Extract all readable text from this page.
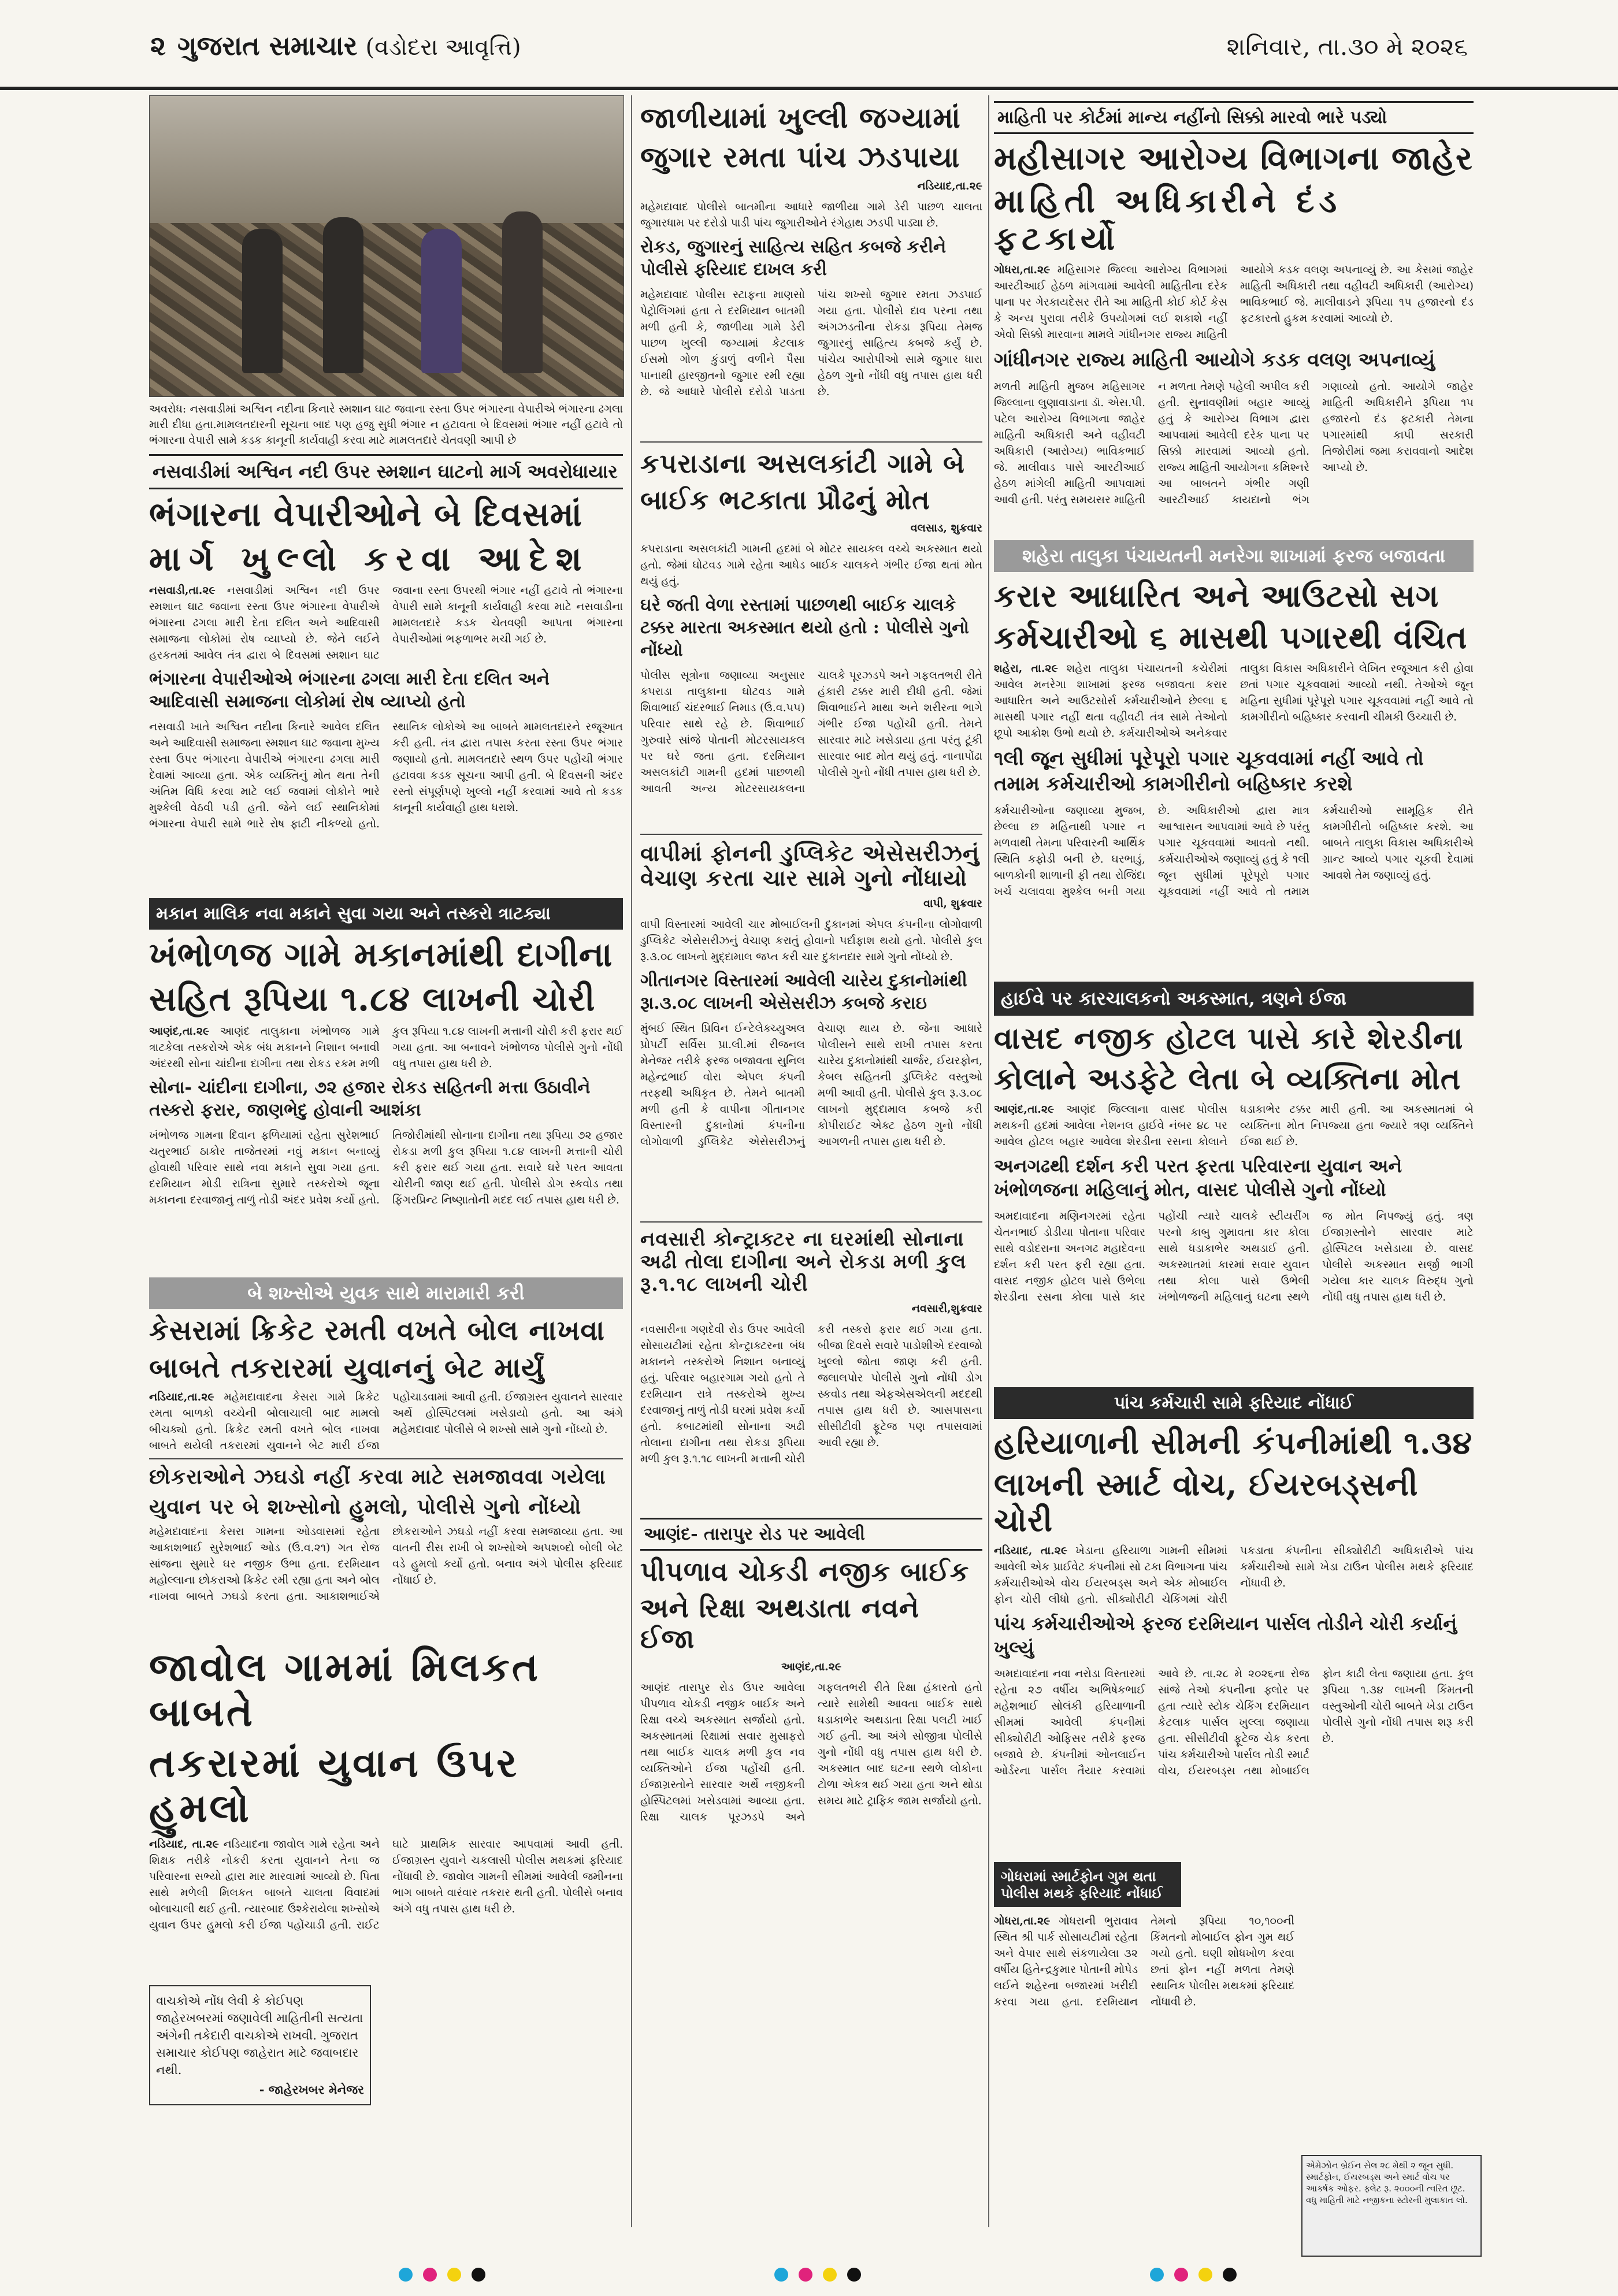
૨ ગુજરાત સમાચાર (વડોદરા આવૃત્તિ)	શનિવાર, તા.૩૦ મે ૨૦૨૬
અવરોધ: નસવાડીમાં અશ્વિન નદીના કિનારે સ્મશાન ઘાટ જવાના રસ્તા ઉપર ભંગારના વેપારીએ ભંગારના ઢગલા મારી દીધા હતા.મામલતદારની સૂચના બાદ પણ હજુ સુધી ભંગાર ન હટાવતા બે દિવસમાં ભંગાર નહીં હટાવે તો ભંગારના વેપારી સામે કડક કાનૂની કાર્યવાહી કરવા માટે મામલતદારે ચેતવણી આપી છે
નસવાડીમાં અશ્વિન નદી ઉપર સ્મશાન ઘાટનો માર્ગ અવરોધાયાર
ભંગારના વેપારીઓને બે દિવસમાં
માર્ગ ખુલ્લો કરવા આદેશ
નસવાડી,તા.૨૯ નસવાડીમાં અશ્વિન નદી ઉપર સ્મશાન ઘાટ જવાના રસ્તા ઉપર ભંગારના વેપારીએ ભંગારના ઢગલા મારી દેતા દલિત અને આદિવાસી સમાજના લોકોમાં રોષ વ્યાપ્યો છે. જેને લઈને હરકતમાં આવેલ તંત્ર દ્વારા બે દિવસમાં સ્મશાન ઘાટ જવાના રસ્તા ઉપરથી ભંગાર નહીં હટાવે તો ભંગારના વેપારી સામે કાનૂની કાર્યવાહી કરવા માટે નસવાડીના મામલતદારે કડક ચેતવણી આપતા ભંગારના વેપારીઓમાં ભફળાભર મચી ગઈ છે.
ભંગારના વેપારીઓએ ભંગારના ઢગલા મારી દેતા દલિત અને આદિવાસી સમાજના લોકોમાં રોષ વ્યાપ્યો હતો
નસવાડી ખાતે અશ્વિન નદીના કિનારે આવેલ દલિત અને આદિવાસી સમાજના સ્મશાન ઘાટ જવાના મુખ્ય રસ્તા ઉપર ભંગારના વેપારીએ ભંગારના ઢગલા મારી દેવામાં આવ્યા હતા. એક વ્યક્તિનું મોત થતા તેની અંતિમ વિધિ કરવા માટે લઈ જવામાં લોકોને ભારે મુશ્કેલી વેઠવી પડી હતી. જેને લઈ સ્થાનિકોમાં ભંગારના વેપારી સામે ભારે રોષ ફાટી નીકળ્યો હતો. સ્થાનિક લોકોએ આ બાબતે મામલતદારને રજૂઆત કરી હતી. તંત્ર દ્વારા તપાસ કરતા રસ્તા ઉપર ભંગાર જણાયો હતો. મામલતદારે સ્થળ ઉપર પહોંચી ભંગાર હટાવવા કડક સૂચના આપી હતી. બે દિવસની અંદર રસ્તો સંપૂર્ણપણે ખુલ્લો નહીં કરવામાં આવે તો કડક કાનૂની કાર્યવાહી હાથ ધરાશે.
મકાન માલિક નવા મકાને સુવા ગયા અને તસ્કરો ત્રાટક્યા
ખંભોળજ ગામે મકાનમાંથી દાગીના
સહિત રૂપિયા ૧.૮૪ લાખની ચોરી
આણંદ,તા.૨૯ આણંદ તાલુકાના ખંભોળજ ગામે ત્રાટકેલા તસ્કરોએ એક બંધ મકાનને નિશાન બનાવી અંદરથી સોના ચાંદીના દાગીના તથા રોકડ રકમ મળી કુલ રૂપિયા ૧.૮૪ લાખની મત્તાની ચોરી કરી ફરાર થઈ ગયા હતા. આ બનાવને ખંભોળજ પોલીસે ગુનો નોંધી વધુ તપાસ હાથ ધરી છે.
સોના- ચાંદીના દાગીના, ૭૨ હજાર રોકડ સહિતની મત્તા ઉઠાવીને તસ્કરો ફરાર, જાણભેદુ હોવાની આશંકા
ખંભોળજ ગામના દિવાન ફળિયામાં રહેતા સુરેશભાઈ ચતુરભાઈ ઠાકોર તાજેતરમાં નવું મકાન બનાવ્યું હોવાથી પરિવાર સાથે નવા મકાને સુવા ગયા હતા. દરમિયાન મોડી રાત્રિના સુમારે તસ્કરોએ જૂના મકાનના દરવાજાનું તાળું તોડી અંદર પ્રવેશ કર્યો હતો. તિજોરીમાંથી સોનાના દાગીના તથા રૂપિયા ૭૨ હજાર રોકડા મળી કુલ રૂપિયા ૧.૮૪ લાખની મત્તાની ચોરી કરી ફરાર થઈ ગયા હતા. સવારે ઘરે પરત આવતા ચોરીની જાણ થઈ હતી. પોલીસે ડોગ સ્કવોડ તથા ફિંગરપ્રિન્ટ નિષ્ણાતોની મદદ લઈ તપાસ હાથ ધરી છે.
બે શખ્સોએ યુવક સાથે મારામારી કરી
કેસરામાં ક્રિકેટ રમતી વખતે બોલ નાખવા
બાબતે તકરારમાં યુવાનનું બેટ માર્યું
નડિયાદ,તા.૨૯ મહેમદાવાદના કેસરા ગામે ક્રિકેટ રમતા બાળકો વચ્ચેની બોલાચાલી બાદ મામલો બીચક્યો હતો. ક્રિકેટ રમતી વખતે બોલ નાખવા બાબતે થયેલી તકરારમાં યુવાનને બેટ મારી ઈજા પહોંચાડવામાં આવી હતી. ઈજાગ્રસ્ત યુવાનને સારવાર અર્થે હોસ્પિટલમાં ખસેડાયો હતો. આ અંગે મહેમદાવાદ પોલીસે બે શખ્સો સામે ગુનો નોંધ્યો છે.
છોકરાઓને ઝઘડો નહીં કરવા માટે સમજાવવા ગયેલા
યુવાન પર બે શખ્સોનો હુમલો, પોલીસે ગુનો નોંધ્યો
મહેમદાવાદના કેસરા ગામના ઓડવાસમાં રહેતા આકાશભાઈ સુરેશભાઈ ઓડ (ઉ.વ.૨૧) ગત રોજ સાંજના સુમારે ઘર નજીક ઉભા હતા. દરમિયાન મહોલ્લાના છોકરાઓ ક્રિકેટ રમી રહ્યા હતા અને બોલ નાખવા બાબતે ઝઘડો કરતા હતા. આકાશભાઈએ છોકરાઓને ઝઘડો નહીં કરવા સમજાવ્યા હતા. આ વાતની રીસ રાખી બે શખ્સોએ અપશબ્દો બોલી બેટ વડે હુમલો કર્યો હતો. બનાવ અંગે પોલીસ ફરિયાદ નોંધાઈ છે.
જાવોલ ગામમાં મિલકત બાબતે
તકરારમાં યુવાન ઉપર હુમલો
નડિયાદ, તા.૨૯ નડિયાદના જાવોલ ગામે રહેતા અને શિક્ષક તરીકે નોકરી કરતા યુવાનને તેના જ પરિવારના સભ્યો દ્વારા માર મારવામાં આવ્યો છે. પિતા સાથે મળેલી મિલકત બાબતે ચાલતા વિવાદમાં બોલાચાલી થઈ હતી. ત્યારબાદ ઉશ્કેરાયેલા શખ્સોએ યુવાન ઉપર હુમલો કરી ઈજા પહોંચાડી હતી. રાઈટ ઘાટે પ્રાથમિક સારવાર આપવામાં આવી હતી. ઈજાગ્રસ્ત યુવાને ચકલાસી પોલીસ મથકમાં ફરિયાદ નોંધાવી છે. જાવોલ ગામની સીમમાં આવેલી જમીનના ભાગ બાબતે વારંવાર તકરાર થતી હતી. પોલીસે બનાવ અંગે વધુ તપાસ હાથ ધરી છે.
વાચકોએ નોંધ લેવી કે કોઈપણ જાહેરખબરમાં જણાવેલી માહિતીની સત્યતા અંગેની તકેદારી વાચકોએ રાખવી. ગુજરાત સમાચાર કોઈપણ જાહેરાત માટે જવાબદાર નથી.
- જાહેરખબર મેનેજર
જાળીયામાં ખુલ્લી જગ્યામાં
જુગાર રમતા પાંચ ઝડપાયા
નડિયાદ,તા.૨૯
મહેમદાવાદ પોલીસે બાતમીના આધારે જાળીયા ગામે ડેરી પાછળ ચાલતા જુગારધામ પર દરોડો પાડી પાંચ જુગારીઓને રંગેહાથ ઝડપી પાડ્યા છે.
રોકડ, જુગારનું સાહિત્ય સહિત કબજે કરીને પોલીસે ફરિયાદ દાખલ કરી
મહેમદાવાદ પોલીસ સ્ટાફના માણસો પેટ્રોલિંગમાં હતા તે દરમિયાન બાતમી મળી હતી કે, જાળીયા ગામે ડેરી પાછળ ખુલ્લી જગ્યામાં કેટલાક ઈસમો ગોળ કુંડાળું વળીને પૈસા પાનાથી હારજીતનો જુગાર રમી રહ્યા છે. જે આધારે પોલીસે દરોડો પાડતા પાંચ શખ્સો જુગાર રમતા ઝડપાઈ ગયા હતા. પોલીસે દાવ પરના તથા અંગઝડતીના રોકડા રૂપિયા તેમજ જુગારનું સાહિત્ય કબજે કર્યું છે. પાંચેય આરોપીઓ સામે જુગાર ધારા હેઠળ ગુનો નોંધી વધુ તપાસ હાથ ધરી છે.
કપરાડાના અસલકાંટી ગામે બે
બાઈક ભટકાતા પ્રૌઢનું મોત
વલસાડ, શુક્રવાર
કપરાડાના અસલકાંટી ગામની હદમાં બે મોટર સાયકલ વચ્ચે અકસ્માત થયો હતો. જેમાં ઘોટવડ ગામે રહેતા આધેડ બાઈક ચાલકને ગંભીર ઈજા થતાં મોત થયું હતું.
ઘરે જતી વેળા રસ્તામાં પાછળથી બાઈક ચાલકે ટક્કર મારતા અકસ્માત થયો હતો : પોલીસે ગુનો નોંધ્યો
પોલીસ સૂત્રોના જણાવ્યા અનુસાર કપરાડા તાલુકાના ઘોટવડ ગામે શિવાભાઈ ચંદરભાઈ નિમાડ (ઉ.વ.૫૫) પરિવાર સાથે રહે છે. શિવાભાઈ ગુરુવારે સાંજે પોતાની મોટરસાયકલ પર ઘરે જતા હતા. દરમિયાન અસલકાંટી ગામની હદમાં પાછળથી આવતી અન્ય મોટરસાયકલના ચાલકે પૂરઝડપે અને ગફલતભરી રીતે હંકારી ટક્કર મારી દીધી હતી. જેમાં શિવાભાઈને માથા અને શરીરના ભાગે ગંભીર ઈજા પહોંચી હતી. તેમને સારવાર માટે ખસેડાયા હતા પરંતુ ટૂંકી સારવાર બાદ મોત થયું હતું. નાનાપોંઢા પોલીસે ગુનો નોંધી તપાસ હાથ ધરી છે.
વાપીમાં ફોનની ડુપ્લિકેટ એસેસરીઝનું વેચાણ કરતા ચાર સામે ગુનો નોંધાયો
વાપી, શુક્રવાર
વાપી વિસ્તારમાં આવેલી ચાર મોબાઈલની દુકાનમાં એપલ કંપનીના લોગોવાળી ડુપ્લિકેટ એસેસરીઝનું વેચાણ કરાતું હોવાનો પર્દાફાશ થયો હતો. પોલીસે કુલ રૂ.૩.૦૮ લાખનો મુદ્દામાલ જપ્ત કરી ચાર દુકાનદાર સામે ગુનો નોંધ્યો છે.
ગીતાનગર વિસ્તારમાં આવેલી ચારેય દુકાનોમાંથી રૂા.૩.૦૮ લાખની એસેસરીઝ કબજે કરાઇ
મુંબઈ સ્થિત પ્રિવિન ઈન્ટેલેક્ચ્યુઅલ પ્રોપર્ટી સર્વિસ પ્રા.લી.માં રીજનલ મેનેજર તરીકે ફરજ બજાવતા સુનિલ મહેન્દ્રભાઈ વોરા એપલ કંપની તરફથી અધિકૃત છે. તેમને બાતમી મળી હતી કે વાપીના ગીતાનગર વિસ્તારની દુકાનોમાં કંપનીના લોગોવાળી ડુપ્લિકેટ એસેસરીઝનું વેચાણ થાય છે. જેના આધારે પોલીસને સાથે રાખી તપાસ કરતા ચારેય દુકાનોમાંથી ચાર્જર, ઈયરફોન, કેબલ સહિતની ડુપ્લિકેટ વસ્તુઓ મળી આવી હતી. પોલીસે કુલ રૂ.૩.૦૮ લાખનો મુદ્દામાલ કબજે કરી કોપીરાઈટ એક્ટ હેઠળ ગુનો નોંધી આગળની તપાસ હાથ ધરી છે.
નવસારી કોન્ટ્રાક્ટર ના ઘરમાંથી સોનાના અઢી તોલા દાગીના અને રોકડા મળી કુલ રૂ.૧.૧૮ લાખની ચોરી
નવસારી,શુક્રવાર
નવસારીના ગણદેવી રોડ ઉપર આવેલી સોસાયટીમાં રહેતા કોન્ટ્રાક્ટરના બંધ મકાનને તસ્કરોએ નિશાન બનાવ્યું હતું. પરિવાર બહારગામ ગયો હતો તે દરમિયાન રાત્રે તસ્કરોએ મુખ્ય દરવાજાનું તાળું તોડી ઘરમાં પ્રવેશ કર્યો હતો. કબાટમાંથી સોનાના અઢી તોલાના દાગીના તથા રોકડા રૂપિયા મળી કુલ રૂ.૧.૧૮ લાખની મત્તાની ચોરી કરી તસ્કરો ફરાર થઈ ગયા હતા. બીજા દિવસે સવારે પાડોશીએ દરવાજો ખુલ્લો જોતા જાણ કરી હતી. જલાલપોર પોલીસે ગુનો નોંધી ડોગ સ્કવોડ તથા એફએસએલની મદદથી તપાસ હાથ ધરી છે. આસપાસના સીસીટીવી ફૂટેજ પણ તપાસવામાં આવી રહ્યા છે.
આણંદ- તારાપુર રોડ પર આવેલી
પીપળાવ ચોકડી નજીક બાઈક
અને રિક્ષા અથડાતા નવને ઈજા
આણંદ,તા.૨૯
આણંદ તારાપુર રોડ ઉપર આવેલા પીપળાવ ચોકડી નજીક બાઈક અને રિક્ષા વચ્ચે અકસ્માત સર્જાયો હતો. અકસ્માતમાં રિક્ષામાં સવાર મુસાફરો તથા બાઈક ચાલક મળી કુલ નવ વ્યક્તિઓને ઈજા પહોંચી હતી. ઈજાગ્રસ્તોને સારવાર અર્થે નજીકની હોસ્પિટલમાં ખસેડવામાં આવ્યા હતા. રિક્ષા ચાલક પૂરઝડપે અને ગફલતભરી રીતે રિક્ષા હંકારતો હતો ત્યારે સામેથી આવતા બાઈક સાથે ધડાકાભેર અથડાતા રિક્ષા પલટી ખાઈ ગઈ હતી. આ અંગે સોજીત્રા પોલીસે ગુનો નોંધી વધુ તપાસ હાથ ધરી છે. અકસ્માત બાદ ઘટના સ્થળે લોકોના ટોળા એકત્ર થઈ ગયા હતા અને થોડા સમય માટે ટ્રાફિક જામ સર્જાયો હતો.
માહિતી પર કોર્ટમાં માન્ય નહીંનો સિક્કો મારવો ભારે પડ્યો
મહીસાગર આરોગ્ય વિભાગના જાહેર
માહિતી અધિકારીને દંડ ફટકાર્યો
ગોધરા,તા.૨૯ મહિસાગર જિલ્લા આરોગ્ય વિભાગમાં આરટીઆઈ હેઠળ માંગવામાં આવેલી માહિતીના દરેક પાના પર ગેરકાયદેસર રીતે આ માહિતી કોઈ કોર્ટ કેસ કે અન્ય પુરાવા તરીકે ઉપયોગમાં લઈ શકાશે નહીં એવો સિક્કો મારવાના મામલે ગાંધીનગર રાજ્ય માહિતી આયોગે કડક વલણ અપનાવ્યું છે. આ કેસમાં જાહેર માહિતી અધિકારી તથા વહીવટી અધિકારી (આરોગ્ય) ભાવિકભાઈ જે. માલીવાડને રૂપિયા ૧૫ હજારનો દંડ ફટકારતો હુકમ કરવામાં આવ્યો છે.
ગાંધીનગર રાજ્ય માહિતી આયોગે કડક વલણ અપનાવ્યું
મળતી માહિતી મુજબ મહિસાગર જિલ્લાના લુણાવાડાના ડૉ. એસ.પી. પટેલ આરોગ્ય વિભાગના જાહેર માહિતી અધિકારી અને વહીવટી અધિકારી (આરોગ્ય) ભાવિકભાઈ જે. માલીવાડ પાસે આરટીઆઈ હેઠળ માંગેલી માહિતી આપવામાં આવી હતી. પરંતુ સમયસર માહિતી ન મળતા તેમણે પહેલી અપીલ કરી હતી. સુનાવણીમાં બહાર આવ્યું હતું કે આરોગ્ય વિભાગ દ્વારા આપવામાં આવેલી દરેક પાના પર સિક્કો મારવામાં આવ્યો હતો. રાજ્ય માહિતી આયોગના કમિશ્નરે આ બાબતને ગંભીર ગણી આરટીઆઈ કાયદાનો ભંગ ગણાવ્યો હતો. આયોગે જાહેર માહિતી અધિકારીને રૂપિયા ૧૫ હજારનો દંડ ફટકારી તેમના પગારમાંથી કાપી સરકારી તિજોરીમાં જમા કરાવવાનો આદેશ આપ્યો છે.
શહેરા તાલુકા પંચાયતની મનરેગા શાખામાં ફરજ બજાવતા
કરાર આધારિત અને આઉટસો સગ
કર્મચારીઓ ૬ માસથી પગારથી વંચિત
શહેરા, તા.૨૯ શહેરા તાલુકા પંચાયતની કચેરીમાં આવેલ મનરેગા શાખામાં ફરજ બજાવતા કરાર આધારિત અને આઉટસોર્સ કર્મચારીઓને છેલ્લા ૬ માસથી પગાર નહીં થતા વહીવટી તંત્ર સામે તેઓનો છૂપો આક્રોશ ઉભો થયો છે. કર્મચારીઓએ અનેકવાર તાલુકા વિકાસ અધિકારીને લેખિત રજૂઆત કરી હોવા છતાં પગાર ચૂકવવામાં આવ્યો નથી. તેઓએ જૂન મહિના સુધીમાં પૂરેપૂરો પગાર ચૂકવવામાં નહીં આવે તો કામગીરીનો બહિષ્કાર કરવાની ચીમકી ઉચ્ચારી છે.
૧લી જૂન સુધીમાં પૂરેપૂરો પગાર ચૂકવવામાં નહીં આવે તો તમામ કર્મચારીઓ કામગીરીનો બહિષ્કાર કરશે
કર્મચારીઓના જણાવ્યા મુજબ, છેલ્લા છ મહિનાથી પગાર ન મળવાથી તેમના પરિવારની આર્થિક સ્થિતિ કફોડી બની છે. ઘરભાડું, બાળકોની શાળાની ફી તથા રોજિંદા ખર્ચ ચલાવવા મુશ્કેલ બની ગયા છે. અધિકારીઓ દ્વારા માત્ર આશ્વાસન આપવામાં આવે છે પરંતુ પગાર ચૂકવવામાં આવતો નથી. કર્મચારીઓએ જણાવ્યું હતું કે ૧લી જૂન સુધીમાં પૂરેપૂરો પગાર ચૂકવવામાં નહીં આવે તો તમામ કર્મચારીઓ સામૂહિક રીતે કામગીરીનો બહિષ્કાર કરશે. આ બાબતે તાલુકા વિકાસ અધિકારીએ ગ્રાન્ટ આવ્યે પગાર ચૂકવી દેવામાં આવશે તેમ જણાવ્યું હતું.
હાઈવે પર કારચાલકનો અકસ્માત, ત્રણને ઈજા
વાસદ નજીક હોટલ પાસે કારે શેરડીના
કોલાને અડફેટે લેતા બે વ્યક્તિના મોત
આણંદ,તા.૨૯ આણંદ જિલ્લાના વાસદ પોલીસ મથકની હદમાં આવેલા નેશનલ હાઈવે નંબર ૪૮ પર આવેલ હોટલ બહાર આવેલા શેરડીના રસના કોલાને ધડાકાભેર ટક્કર મારી હતી. આ અકસ્માતમાં બે વ્યક્તિના મોત નિપજ્યા હતા જ્યારે ત્રણ વ્યક્તિને ઈજા થઈ છે.
અનગઢથી દર્શન કરી પરત ફરતા પરિવારના યુવાન અને ખંભોળજના મહિલાનું મોત, વાસદ પોલીસે ગુનો નોંધ્યો
અમદાવાદના મણિનગરમાં રહેતા ચેતનભાઈ ડોડીયા પોતાના પરિવાર સાથે વડોદરાના અનગઢ મહાદેવના દર્શન કરી પરત ફરી રહ્યા હતા. વાસદ નજીક હોટલ પાસે ઉભેલા શેરડીના રસના કોલા પાસે કાર પહોંચી ત્યારે ચાલકે સ્ટીયરીંગ પરનો કાબુ ગુમાવતા કાર કોલા સાથે ધડાકાભેર અથડાઈ હતી. અકસ્માતમાં કારમાં સવાર યુવાન તથા કોલા પાસે ઉભેલી ખંભોળજની મહિલાનું ઘટના સ્થળે જ મોત નિપજ્યું હતું. ત્રણ ઈજાગ્રસ્તોને સારવાર માટે હોસ્પિટલ ખસેડાયા છે. વાસદ પોલીસે અકસ્માત સર્જી ભાગી ગયેલા કાર ચાલક વિરુદ્ધ ગુનો નોંધી વધુ તપાસ હાથ ધરી છે.
પાંચ કર્મચારી સામે ફરિયાદ નોંધાઈ
હરિયાળાની સીમની કંપનીમાંથી ૧.૩૪
લાખની સ્માર્ટ વોચ, ઈયરબડ્સની ચોરી
નડિયાદ, તા.૨૯ ખેડાના હરિયાળા ગામની સીમમાં આવેલી એક પ્રાઈવેટ કંપનીમાં સો ટકા વિભાગના પાંચ કર્મચારીઓએ વોચ ઈયરબડ્સ અને એક મોબાઈલ ફોન ચોરી લીધો હતો. સીક્યોરીટી ચેકિંગમાં ચોરી પકડાતા કંપનીના સીક્યોરીટી અધિકારીએ પાંચ કર્મચારીઓ સામે ખેડા ટાઉન પોલીસ મથકે ફરિયાદ નોંધાવી છે.
પાંચ કર્મચારીઓએ ફરજ દરમિયાન પાર્સલ તોડીને ચોરી કર્યાનું ખુલ્યું
અમદાવાદના નવા નરોડા વિસ્તારમાં રહેતા ૨૭ વર્ષીય અભિષેકભાઈ મહેશભાઈ સોલંકી હરિયાળાની સીમમાં આવેલી કંપનીમાં સીક્યોરીટી ઓફિસર તરીકે ફરજ બજાવે છે. કંપનીમાં ઓનલાઈન ઓર્ડરના પાર્સલ તૈયાર કરવામાં આવે છે. તા.૨૮ મે ૨૦૨૬ના રોજ સાંજે તેઓ કંપનીના ફ્લોર પર હતા ત્યારે સ્ટોક ચેકિંગ દરમિયાન કેટલાક પાર્સલ ખુલ્લા જણાયા હતા. સીસીટીવી ફૂટેજ ચેક કરતા પાંચ કર્મચારીઓ પાર્સલ તોડી સ્માર્ટ વોચ, ઈયરબડ્સ તથા મોબાઈલ ફોન કાઢી લેતા જણાયા હતા. કુલ રૂપિયા ૧.૩૪ લાખની કિંમતની વસ્તુઓની ચોરી બાબતે ખેડા ટાઉન પોલીસે ગુનો નોંધી તપાસ શરૂ કરી છે.
ગોધરામાં સ્માર્ટફોન ગુમ થતા પોલીસ મથકે ફરિયાદ નોંધાઈ
ગોધરા,તા.૨૯ ગોધરાની ભુરાવાવ સ્થિત શ્રી પાર્ક સોસાયટીમાં રહેતા અને વેપાર સાથે સંકળાયેલા ૩૨ વર્ષીય હિતેન્દ્રકુમાર પોતાની મોપેડ લઈને શહેરના બજારમાં ખરીદી કરવા ગયા હતા. દરમિયાન તેમનો રૂપિયા ૧૦,૧૦૦ની કિંમતનો મોબાઈલ ફોન ગુમ થઈ ગયો હતો. ઘણી શોધખોળ કરવા છતાં ફોન નહીં મળતા તેમણે સ્થાનિક પોલીસ મથકમાં ફરિયાદ નોંધાવી છે.
એમેઝોન બ્રેઈન સેલ ૨૮ મેથી ૨ જૂન સુધી. સ્માર્ટફોન, ઈયરબડ્સ અને સ્માર્ટ વોચ પર આકર્ષક ઓફર. ફ્લેટ રૂ. ૨૦૦૦ની ત્વરિત છૂટ. વધુ માહિતી માટે નજીકના સ્ટોરની મુલાકાત લો.
